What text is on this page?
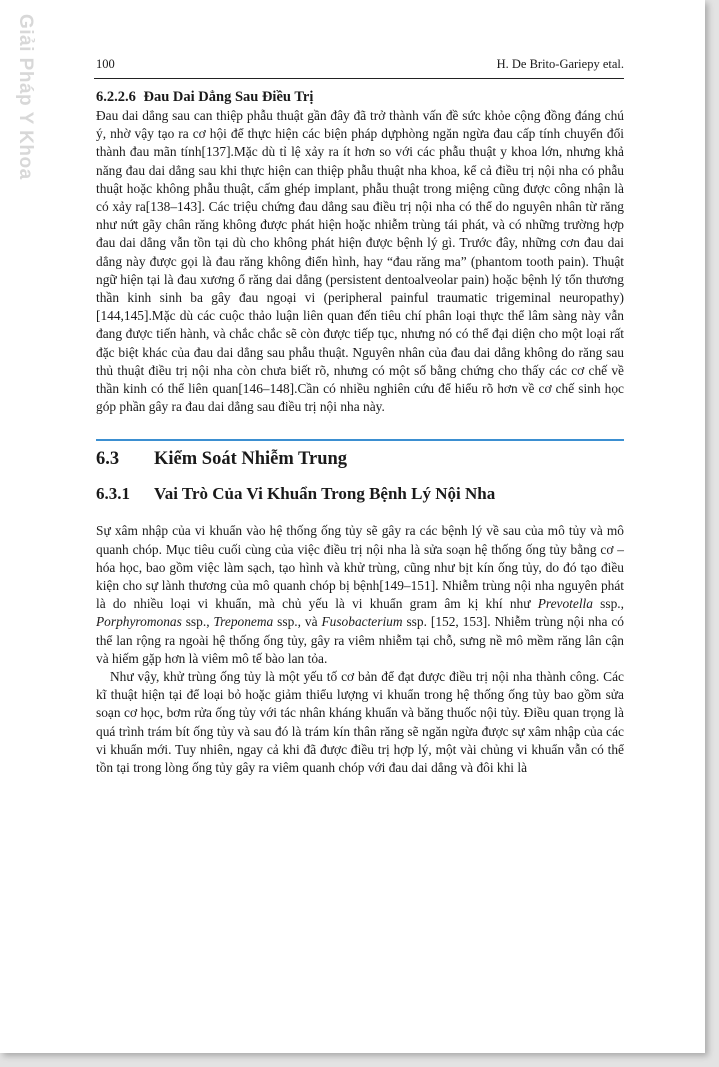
Giải Pháp Y Khoa	100	H. De Brito-Gariepy etal.
6.2.2.6 Đau Dai Dẳng Sau Điều Trị

Đau dai dẳng sau can thiệp phẫu thuật gần đây đã trở thành vấn đề sức khỏe cộng đồng đáng chú ý, nhờ vậy tạo ra cơ hội để thực hiện các biện pháp dựphòng ngăn ngừa đau cấp tính chuyển đổi thành đau mãn tính[137].Mặc dù tỉ lệ xảy ra ít hơn so với các phẫu thuật y khoa lớn, nhưng khả năng đau dai dẳng sau khi thực hiện can thiệp phẫu thuật nha khoa, kể cả điều trị nội nha có phẫu thuật hoặc không phẫu thuật, cấm ghép implant, phẫu thuật trong miệng cũng được công nhận là có xảy ra[138–143]. Các triệu chứng đau dẳng sau điều trị nội nha có thể do nguyên nhân từ răng như nứt gãy chân răng không được phát hiện hoặc nhiễm trùng tái phát, và có những trường hợp đau dai dẳng vẫn tồn tại dù cho không phát hiện được bệnh lý gì. Trước đây, những cơn đau dai dẳng này được gọi là đau răng không điển hình, hay “đau răng ma” (phantom tooth pain). Thuật ngữ hiện tại là đau xương ổ răng dai dẳng (persistent dentoalveolar pain) hoặc bệnh lý tổn thương thần kinh sinh ba gây đau ngoại vi (peripheral painful traumatic trigeminal neuropathy)[144,145].Mặc dù các cuộc thảo luận liên quan đến tiêu chí phân loại thực thể lâm sàng này vẫn đang được tiến hành, và chắc chắc sẽ còn được tiếp tục, nhưng nó có thể đại diện cho một loại rất đặc biệt khác của đau dai dẳng sau phẫu thuật. Nguyên nhân của đau dai dẳng không do răng sau thủ thuật điều trị nội nha còn chưa biết rõ, nhưng có một số bằng chứng cho thấy các cơ chế về thần kinh có thể liên quan[146–148].Cần có nhiều nghiên cứu để hiểu rõ hơn về cơ chế sinh học góp phần gây ra đau dai dẳng sau điều trị nội nha này.

6.3	Kiểm Soát Nhiễm Trung
6.3.1	Vai Trò Của Vi Khuẩn Trong Bệnh Lý Nội Nha

Sự xâm nhập của vi khuẩn vào hệ thống ống tủy sẽ gây ra các bệnh lý về sau của mô tủy và mô quanh chóp. Mục tiêu cuối cùng của việc điều trị nội nha là sửa soạn hệ thống ống tủy bằng cơ – hóa học, bao gồm việc làm sạch, tạo hình và khử trùng, cũng như bịt kín ống tủy, do đó tạo điều kiện cho sự lành thương của mô quanh chóp bị bệnh[149–151]. Nhiễm trùng nội nha nguyên phát là do nhiều loại vi khuẩn, mà chủ yếu là vi khuẩn gram âm kị khí như Prevotella ssp., Porphyromonas ssp., Treponema ssp., và Fusobacterium ssp. [152, 153]. Nhiễm trùng nội nha có thể lan rộng ra ngoài hệ thống ống tủy, gây ra viêm nhiễm tại chỗ, sưng nề mô mềm răng lân cận và hiếm gặp hơn là viêm mô tế bào lan tỏa.

Như vậy, khử trùng ống tủy là một yếu tố cơ bản để đạt được điều trị nội nha thành công. Các kĩ thuật hiện tại để loại bỏ hoặc giảm thiểu lượng vi khuẩn trong hệ thống ống tủy bao gồm sửa soạn cơ học, bơm rửa ống tủy với tác nhân kháng khuẩn và băng thuốc nội tủy. Điều quan trọng là quá trình trám bít ống tủy và sau đó là trám kín thân răng sẽ ngăn ngừa được sự xâm nhập của các vi khuẩn mới. Tuy nhiên, ngay cả khi đã được điều trị hợp lý, một vài chủng vi khuẩn vẫn có thể tồn tại trong lòng ống tủy gây ra viêm quanh chóp với đau dai dẳng và đôi khi là
